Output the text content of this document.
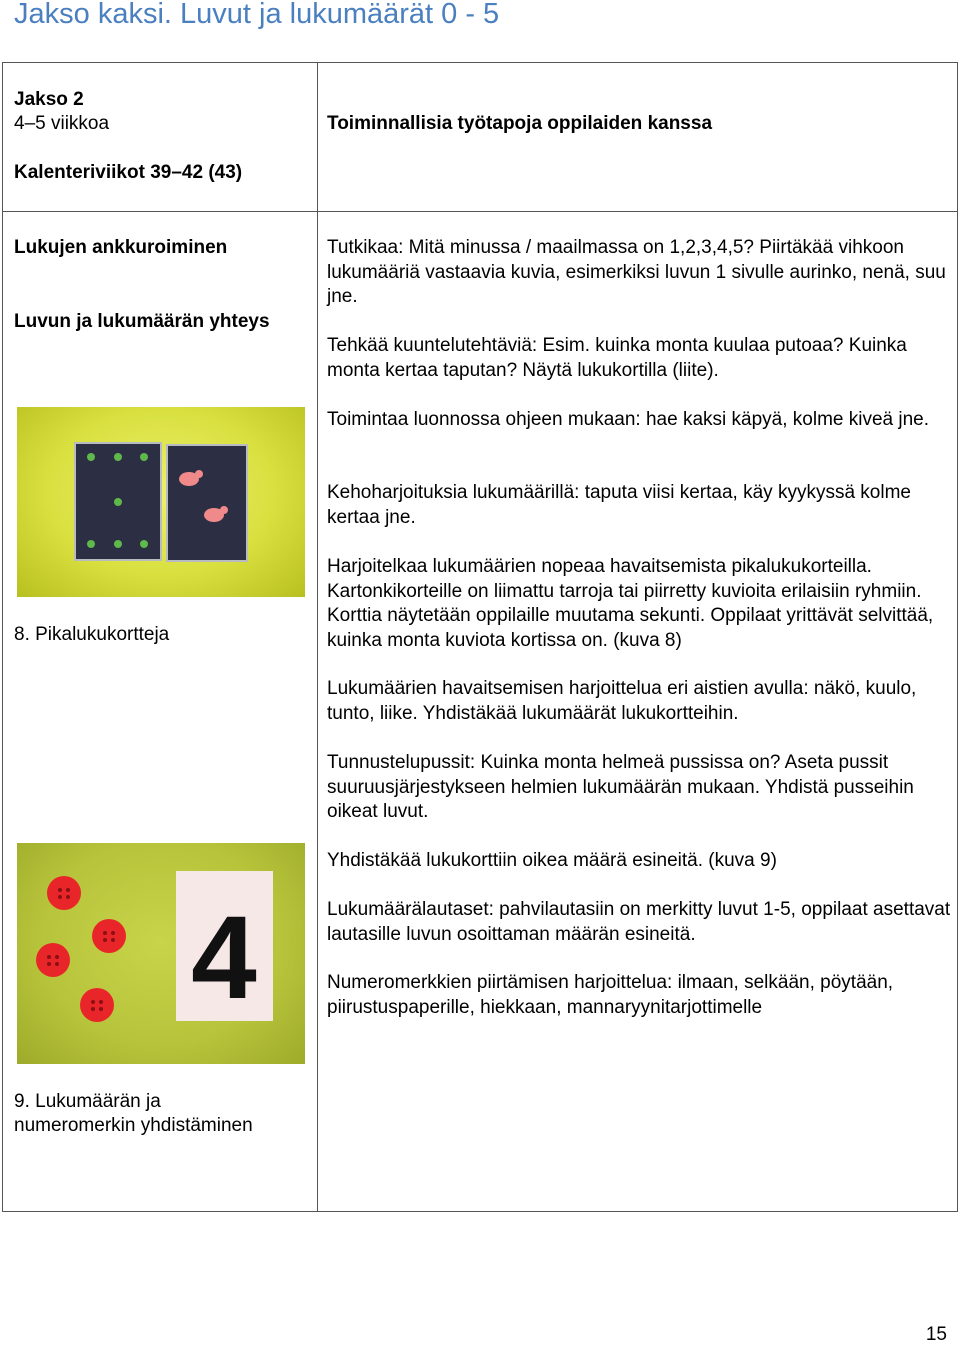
Jakso kaksi. Luvut ja lukumäärät 0 - 5
Jakso 2
4–5 viikkoa
Kalenteriviikot 39–42 (43)
Toiminnallisia työtapoja oppilaiden kanssa
Lukujen ankkuroiminen
Luvun ja lukumäärän yhteys
8. Pikalukukortteja
4
9. Lukumäärän ja
numeromerkin yhdistäminen
Tutkikaa: Mitä minussa / maailmassa on 1,2,3,4,5? Piirtäkää vihkoon lukumääriä vastaavia kuvia, esimerkiksi luvun 1 sivulle aurinko, nenä, suu jne.
Tehkää kuuntelutehtäviä: Esim. kuinka monta kuulaa putoaa? Kuinka monta kertaa taputan? Näytä lukukortilla (liite).
Toimintaa luonnossa ohjeen mukaan: hae kaksi käpyä, kolme kiveä jne.
Kehoharjoituksia lukumäärillä: taputa viisi kertaa, käy kyykyssä kolme kertaa jne.
Harjoitelkaa lukumäärien nopeaa havaitsemista pikalukukorteilla. Kartonkikorteille on liimattu tarroja tai piirretty kuvioita erilaisiin ryhmiin. Korttia näytetään oppilaille muutama sekunti. Oppilaat yrittävät selvittää, kuinka monta kuviota kortissa on. (kuva 8)
Lukumäärien havaitsemisen harjoittelua eri aistien avulla: näkö, kuulo, tunto, liike. Yhdistäkää lukumäärät lukukortteihin.
Tunnustelupussit: Kuinka monta helmeä pussissa on? Aseta pussit suuruusjärjestykseen helmien lukumäärän mukaan. Yhdistä pusseihin oikeat luvut.
Yhdistäkää lukukorttiin oikea määrä esineitä. (kuva 9)
Lukumäärälautaset: pahvilautasiin on merkitty luvut 1-5, oppilaat asettavat lautasille luvun osoittaman määrän esineitä.
Numeromerkkien piirtämisen harjoittelua: ilmaan, selkään, pöytään, piirustuspaperille, hiekkaan, mannaryynitarjottimelle
15
